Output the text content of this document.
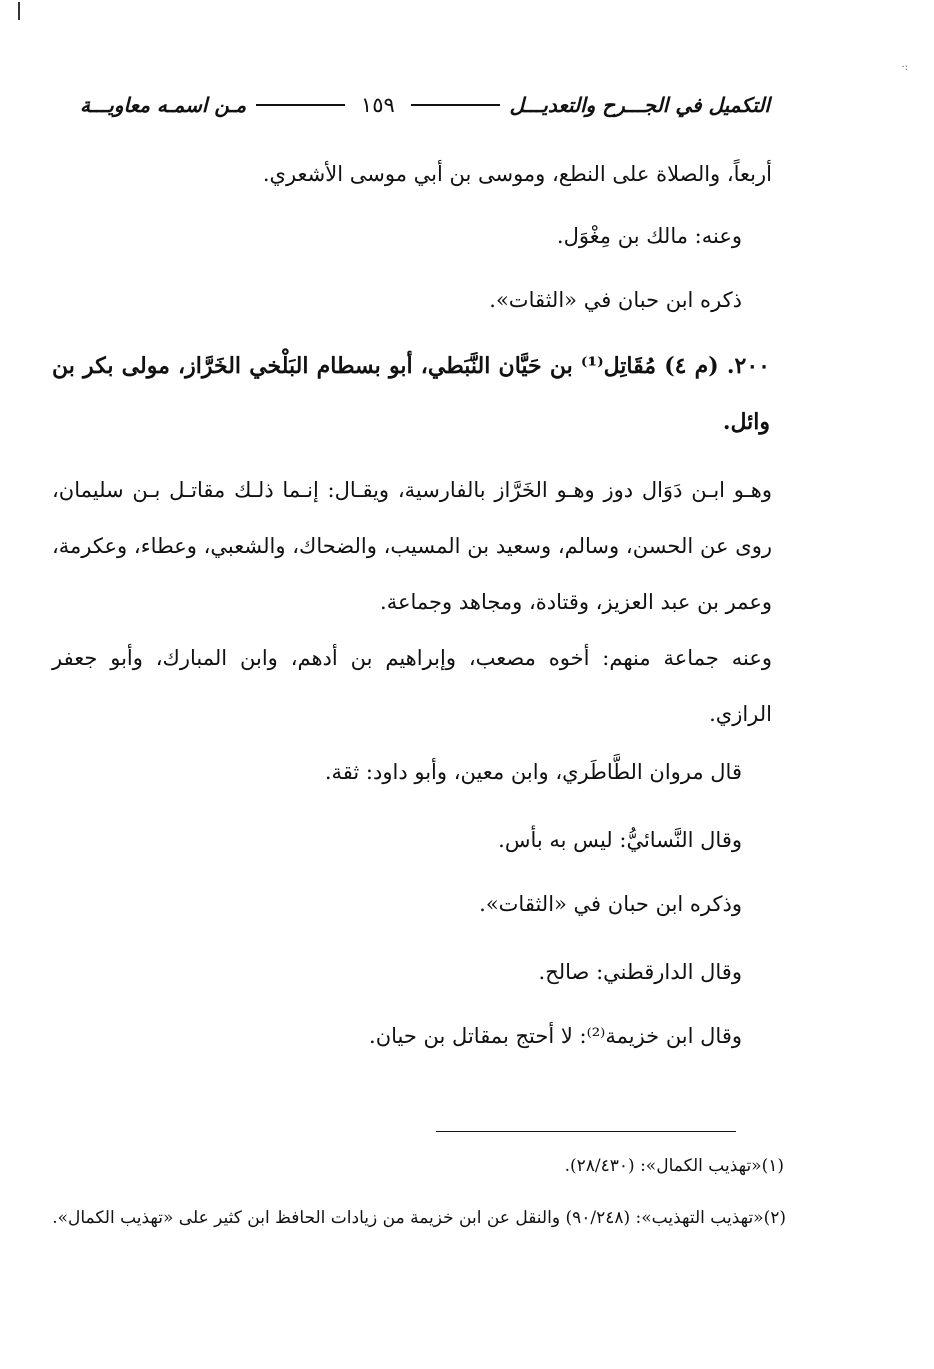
·:
التكميل في الجـــرح والتعديـــل
١٥٩
مـن اسمـه معاويـــة
أربعاً، والصلاة على النطع، وموسى بن أبي موسى الأشعري.
وعنه: مالك بن مِغْوَل.
ذكره ابن حبان في «الثقات».
٢٠٠. (م ٤) مُقَاتِل⁽¹⁾ بن حَيَّان النَّبَطي، أبو بسطام البَلْخي الخَرَّاز، مولى بكر بن وائل.
وهـو ابـن دَوَال دوز وهـو الخَرَّاز بالفارسية، ويقـال: إنـما ذلـك مقاتـل بـن سليمان، روى عن الحسن، وسالم، وسعيد بن المسيب، والضحاك، والشعبي، وعطاء، وعكرمة، وعمر بن عبد العزيز، وقتادة، ومجاهد وجماعة.
وعنه جماعة منهم: أخوه مصعب، وإبراهيم بن أدهم، وابن المبارك، وأبو جعفر الرازي.
قال مروان الطَّاطَري، وابن معين، وأبو داود: ثقة.
وقال النَّسائيُّ: ليس به بأس.
وذكره ابن حبان في «الثقات».
وقال الدارقطني: صالح.
وقال ابن خزيمة⁽²⁾: لا أحتج بمقاتل بن حيان.
(١)«تهذيب الكمال»: (٢٨/٤٣٠).
(٢)«تهذيب التهذيب»: (٩٠/٢٤٨) والنقل عن ابن خزيمة من زيادات الحافظ ابن كثير على «تهذيب الكمال».
